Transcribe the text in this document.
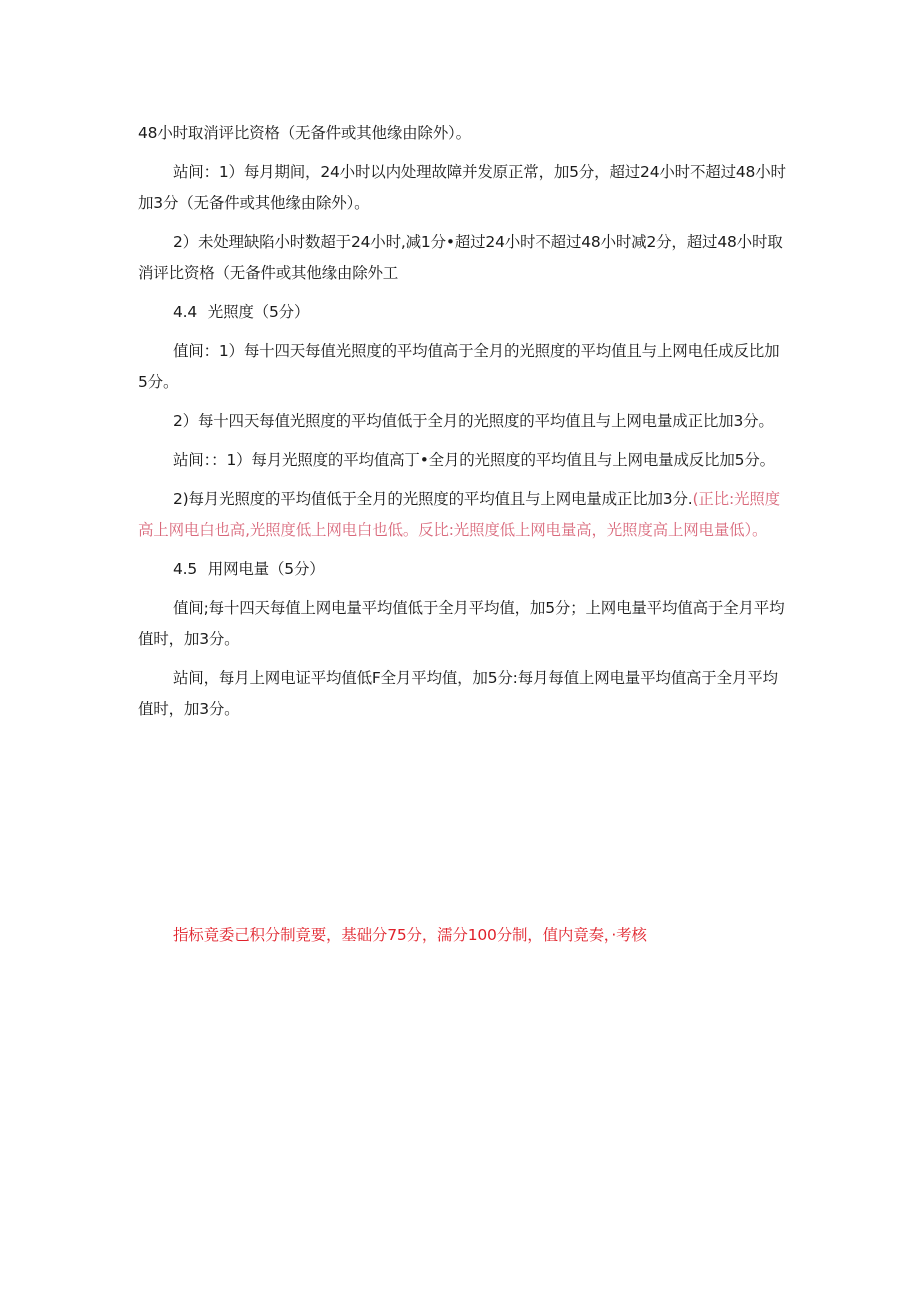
48小时取消评比资格（无备件或其他缘由除外）。

站间：1）每月期间，24小时以内处理故障并发原正常，加5分，超过24小时不超过48小时加3分（无备件或其他缘由除外）。

2）未处理缺陷小时数超于24小时,减1分•超过24小时不超过48小时减2分，超过48小时取消评比资格（无备件或其他缘由除外工

4.4 光照度（5分）

值间：1）每十四天每值光照度的平均值高于全月的光照度的平均值且与上网电任成反比加5分。

2）每十四天每值光照度的平均值低于全月的光照度的平均值且与上网电量成正比加3分。

站间：：1）每月光照度的平均值高丁•全月的光照度的平均值且与上网电量成反比加5分。

2)每月光照度的平均值低于全月的光照度的平均值且与上网电量成正比加3分.(正比:光照度高上网电白也高,光照度低上网电白也低。反比:光照度低上网电量高，光照度高上网电量低）。

4.5 用网电量（5分）

值间;每十四天每值上网电量平均值低于全月平均值，加5分；上网电量平均值高于全月平均值时，加3分。

站间，每月上网电证平均值低F全月平均值，加5分:每月每值上网电量平均值高于全月平均值时，加3分。

指标竟委己积分制竟要，基础分75分，濡分100分制，值内竟奏，·考核
